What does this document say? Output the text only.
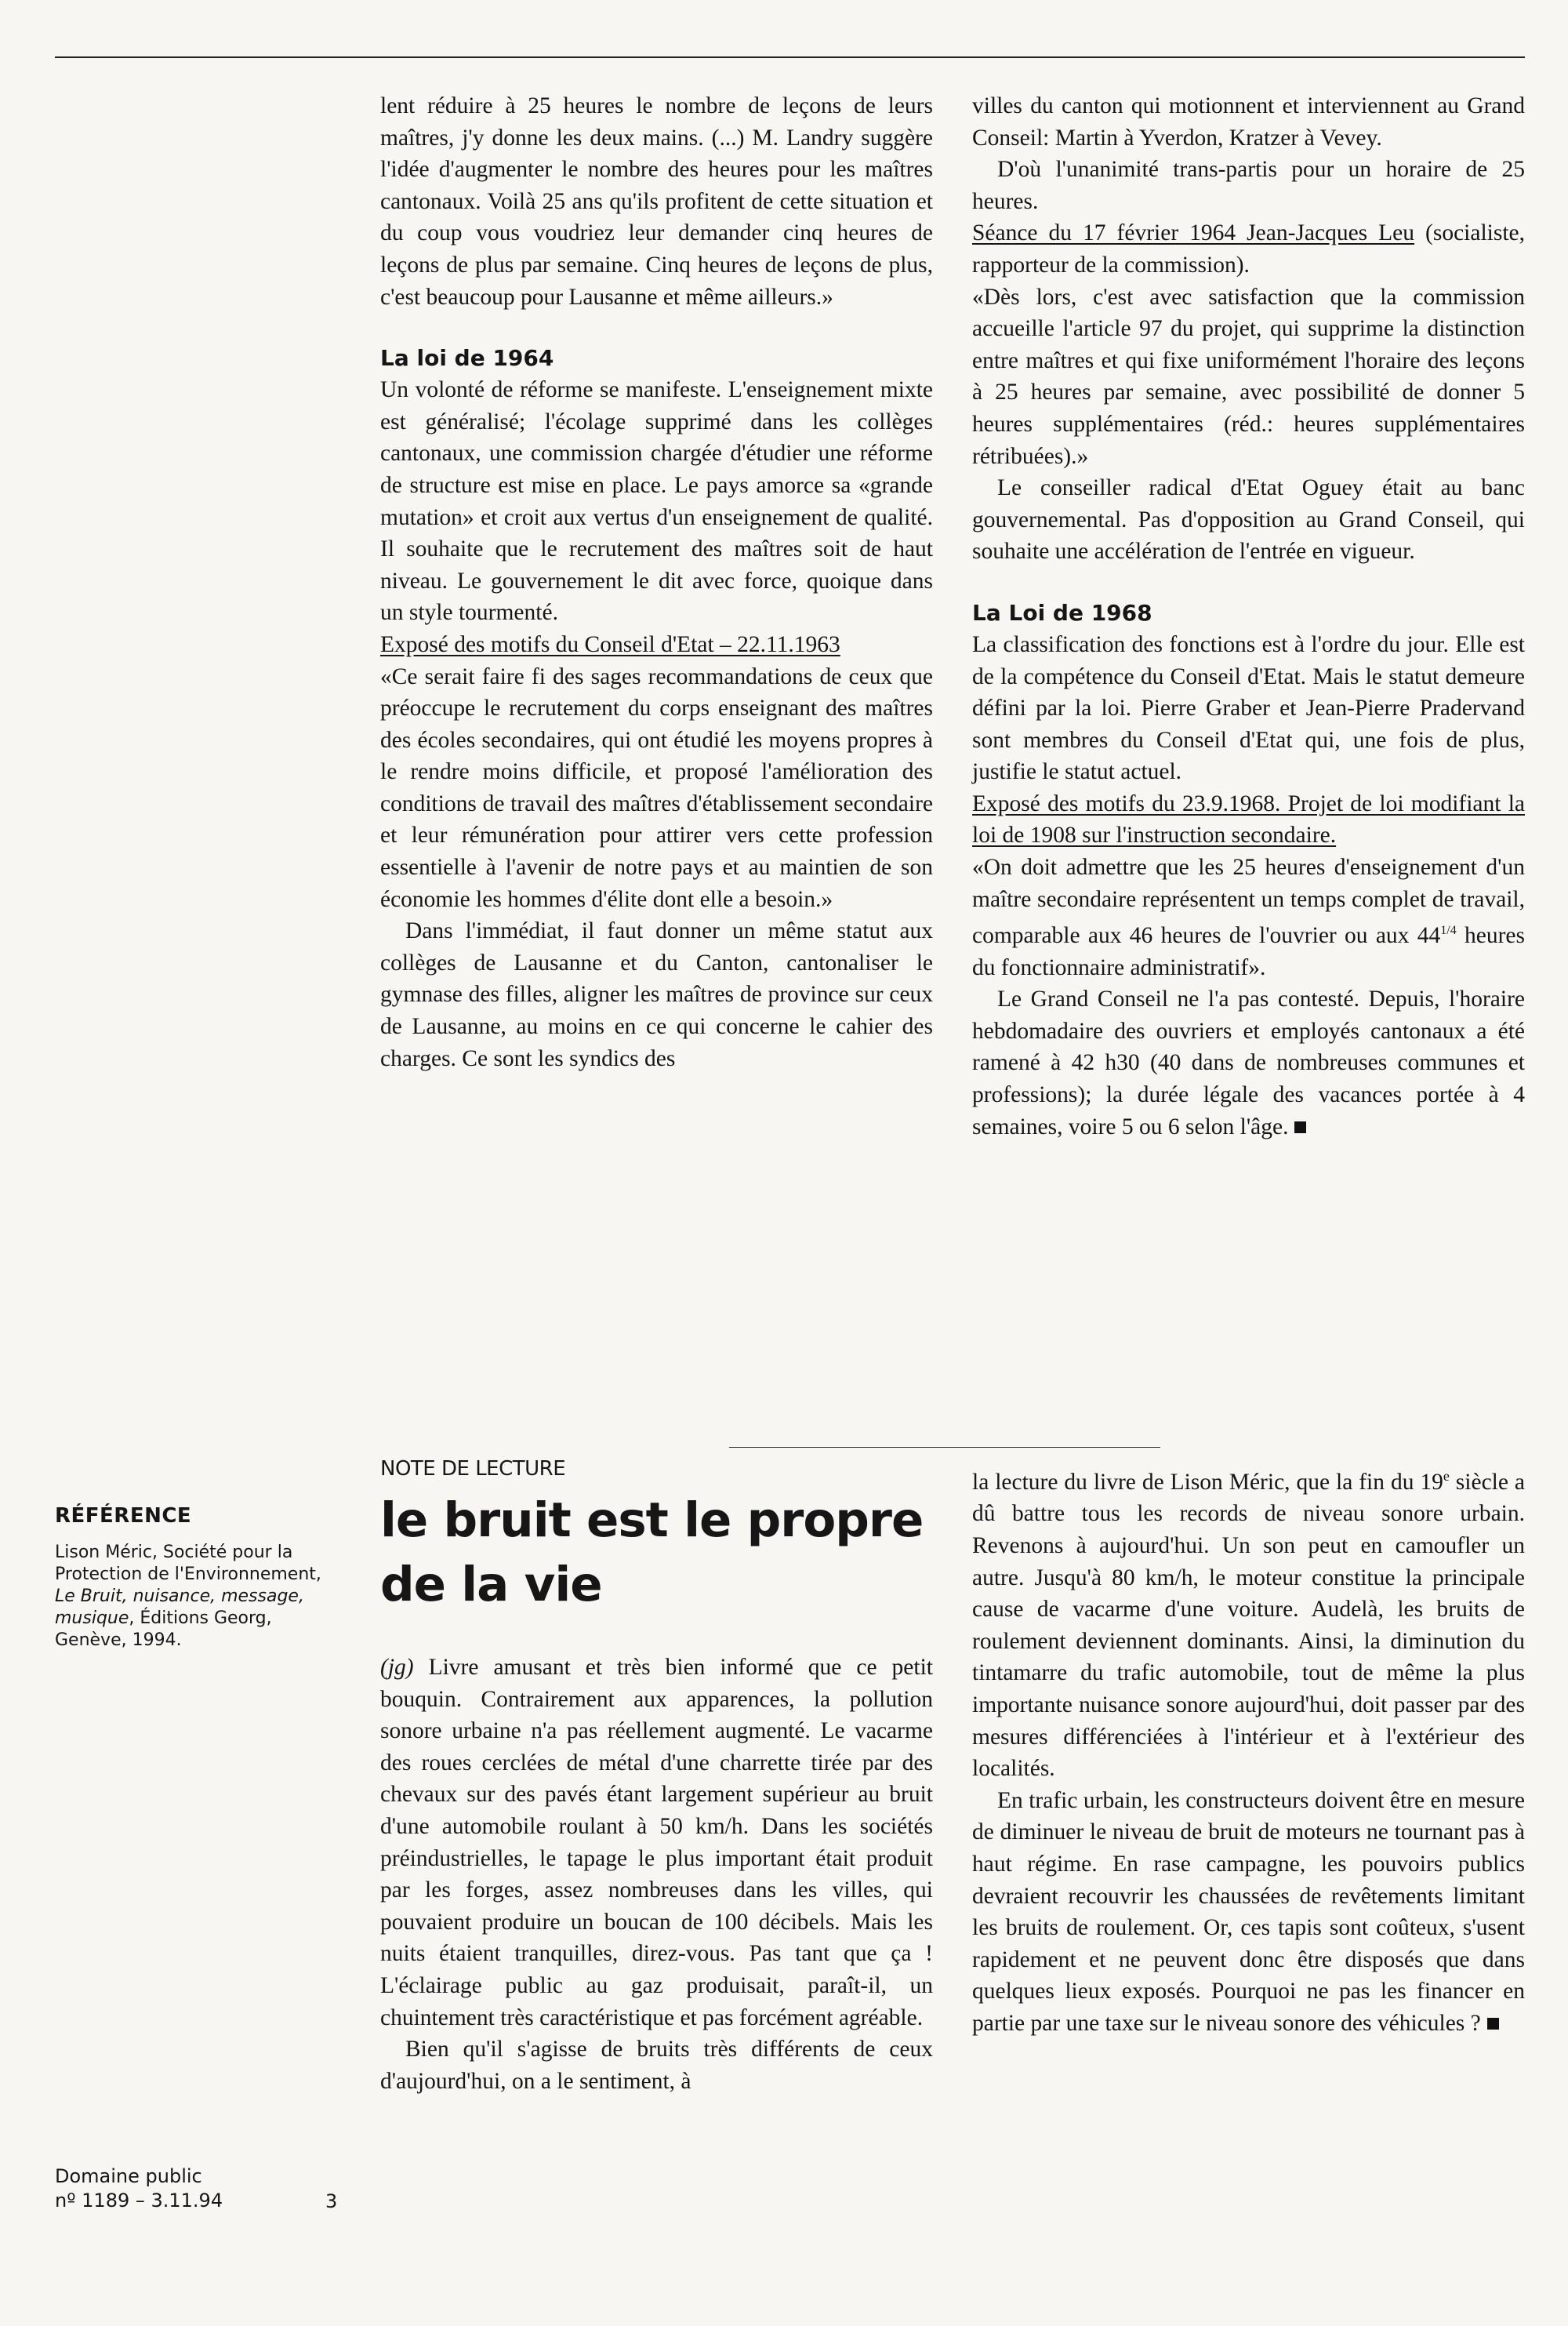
lent réduire à 25 heures le nombre de leçons de leurs maîtres, j'y donne les deux mains. (...) M. Landry suggère l'idée d'augmenter le nombre des heures pour les maîtres cantonaux. Voilà 25 ans qu'ils profitent de cette situation et du coup vous voudriez leur demander cinq heures de leçons de plus par semaine. Cinq heures de leçons de plus, c'est beaucoup pour Lausanne et même ailleurs.»

La loi de 1964

Un volonté de réforme se manifeste. L'enseignement mixte est généralisé; l'écolage supprimé dans les collèges cantonaux, une commission chargée d'étudier une réforme de structure est mise en place. Le pays amorce sa «grande mutation» et croit aux vertus d'un enseignement de qualité. Il souhaite que le recrutement des maîtres soit de haut niveau. Le gouvernement le dit avec force, quoique dans un style tourmenté.

Exposé des motifs du Conseil d'Etat – 22.11.1963

«Ce serait faire fi des sages recommandations de ceux que préoccupe le recrutement du corps enseignant des maîtres des écoles secondaires, qui ont étudié les moyens propres à le rendre moins difficile, et proposé l'amélioration des conditions de travail des maîtres d'établissement secondaire et leur rémunération pour attirer vers cette profession essentielle à l'avenir de notre pays et au maintien de son économie les hommes d'élite dont elle a besoin.»

Dans l'immédiat, il faut donner un même statut aux collèges de Lausanne et du Canton, cantonaliser le gymnase des filles, aligner les maîtres de province sur ceux de Lausanne, au moins en ce qui concerne le cahier des charges. Ce sont les syndics des

villes du canton qui motionnent et interviennent au Grand Conseil: Martin à Yverdon, Kratzer à Vevey.

D'où l'unanimité trans-partis pour un horaire de 25 heures.

Séance du 17 février 1964 Jean-Jacques Leu (socialiste, rapporteur de la commission).

«Dès lors, c'est avec satisfaction que la commission accueille l'article 97 du projet, qui supprime la distinction entre maîtres et qui fixe uniformément l'horaire des leçons à 25 heures par semaine, avec possibilité de donner 5 heures supplémentaires (réd.: heures supplémentaires rétribuées).»

Le conseiller radical d'Etat Oguey était au banc gouvernemental. Pas d'opposition au Grand Conseil, qui souhaite une accélération de l'entrée en vigueur.

La Loi de 1968

La classification des fonctions est à l'ordre du jour. Elle est de la compétence du Conseil d'Etat. Mais le statut demeure défini par la loi. Pierre Graber et Jean-Pierre Pradervand sont membres du Conseil d'Etat qui, une fois de plus, justifie le statut actuel.

Exposé des motifs du 23.9.1968. Projet de loi modifiant la loi de 1908 sur l'instruction secondaire.

«On doit admettre que les 25 heures d'enseignement d'un maître secondaire représentent un temps complet de travail, comparable aux 46 heures de l'ouvrier ou aux $44^{1/4}$ heures du fonctionnaire administratif».

Le Grand Conseil ne l'a pas contesté. Depuis, l'horaire hebdomadaire des ouvriers et employés cantonaux a été ramené à 42 h30 (40 dans de nombreuses communes et professions); la durée légale des vacances portée à 4 semaines, voire 5 ou 6 selon l'âge.

RÉFÉRENCE
Lison Méric, Société pour la Protection de l'Environnement, Le Bruit, nuisance, message, musique, Éditions Georg, Genève, 1994.
NOTE DE LECTURE
le bruit est le propre de la vie

(jg) Livre amusant et très bien informé que ce petit bouquin. Contrairement aux apparences, la pollution sonore urbaine n'a pas réellement augmenté. Le vacarme des roues cerclées de métal d'une charrette tirée par des chevaux sur des pavés étant largement supérieur au bruit d'une automobile roulant à 50 km/h. Dans les sociétés préindustrielles, le tapage le plus important était produit par les forges, assez nombreuses dans les villes, qui pouvaient produire un boucan de 100 décibels. Mais les nuits étaient tranquilles, direz-vous. Pas tant que ça ! L'éclairage public au gaz produisait, paraît-il, un chuintement très caractéristique et pas forcément agréable.

Bien qu'il s'agisse de bruits très différents de ceux d'aujourd'hui, on a le sentiment, à

la lecture du livre de Lison Méric, que la fin du 19e siècle a dû battre tous les records de niveau sonore urbain. Revenons à aujourd'hui. Un son peut en camoufler un autre. Jusqu'à 80 km/h, le moteur constitue la principale cause de vacarme d'une voiture. Audelà, les bruits de roulement deviennent dominants. Ainsi, la diminution du tintamarre du trafic automobile, tout de même la plus importante nuisance sonore aujourd'hui, doit passer par des mesures différenciées à l'intérieur et à l'extérieur des localités.

En trafic urbain, les constructeurs doivent être en mesure de diminuer le niveau de bruit de moteurs ne tournant pas à haut régime. En rase campagne, les pouvoirs publics devraient recouvrir les chaussées de revêtements limitant les bruits de roulement. Or, ces tapis sont coûteux, s'usent rapidement et ne peuvent donc être disposés que dans quelques lieux exposés. Pourquoi ne pas les financer en partie par une taxe sur le niveau sonore des véhicules ?

Domaine public
nº 1189 – 3.11.94	3
